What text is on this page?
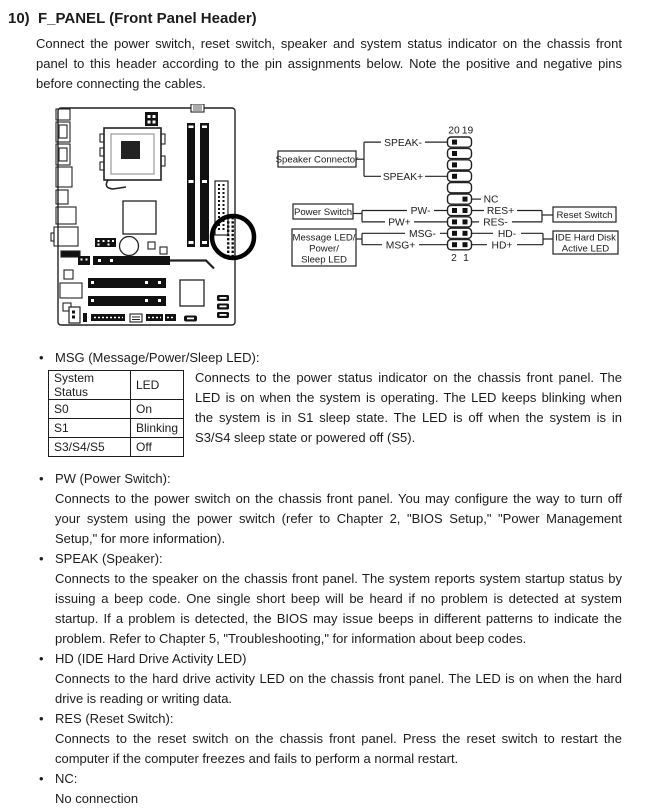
10) F_PANEL (Front Panel Header)
Connect the power switch, reset switch, speaker and system status indicator on the chassis front panel to this header according to the pin assignments below. Note the positive and negative pins before connecting the cables.
SPEAK-
SPEAK+
PW-
PW+
MSG-
MSG+
NC
RES+
RES-
HD-
HD+
20 19
2 1
Speaker Connector
Power Switch
Message LED/
Power/
Sleep LED
Reset Switch
IDE Hard Disk
Active LED
• MSG (Message/Power/Sleep LED):
System Status	LED
S0	On
S1	Blinking
S3/S4/S5	Off
Connects to the power status indicator on the chassis front panel. The LED is on when the system is operating. The LED keeps blinking when the system is in S1 sleep state. The LED is off when the system is in S3/S4 sleep state or powered off (S5).
• PW (Power Switch):
Connects to the power switch on the chassis front panel. You may configure the way to turn off your system using the power switch (refer to Chapter 2, "BIOS Setup," "Power Management Setup," for more information).
• SPEAK (Speaker):
Connects to the speaker on the chassis front panel. The system reports system startup status by issuing a beep code. One single short beep will be heard if no problem is detected at system startup. If a problem is detected, the BIOS may issue beeps in different patterns to indicate the problem. Refer to Chapter 5, "Troubleshooting," for information about beep codes.
• HD (IDE Hard Drive Activity LED)
Connects to the hard drive activity LED on the chassis front panel. The LED is on when the hard drive is reading or writing data.
• RES (Reset Switch):
Connects to the reset switch on the chassis front panel. Press the reset switch to restart the computer if the computer freezes and fails to perform a normal restart.
• NC:
No connection
